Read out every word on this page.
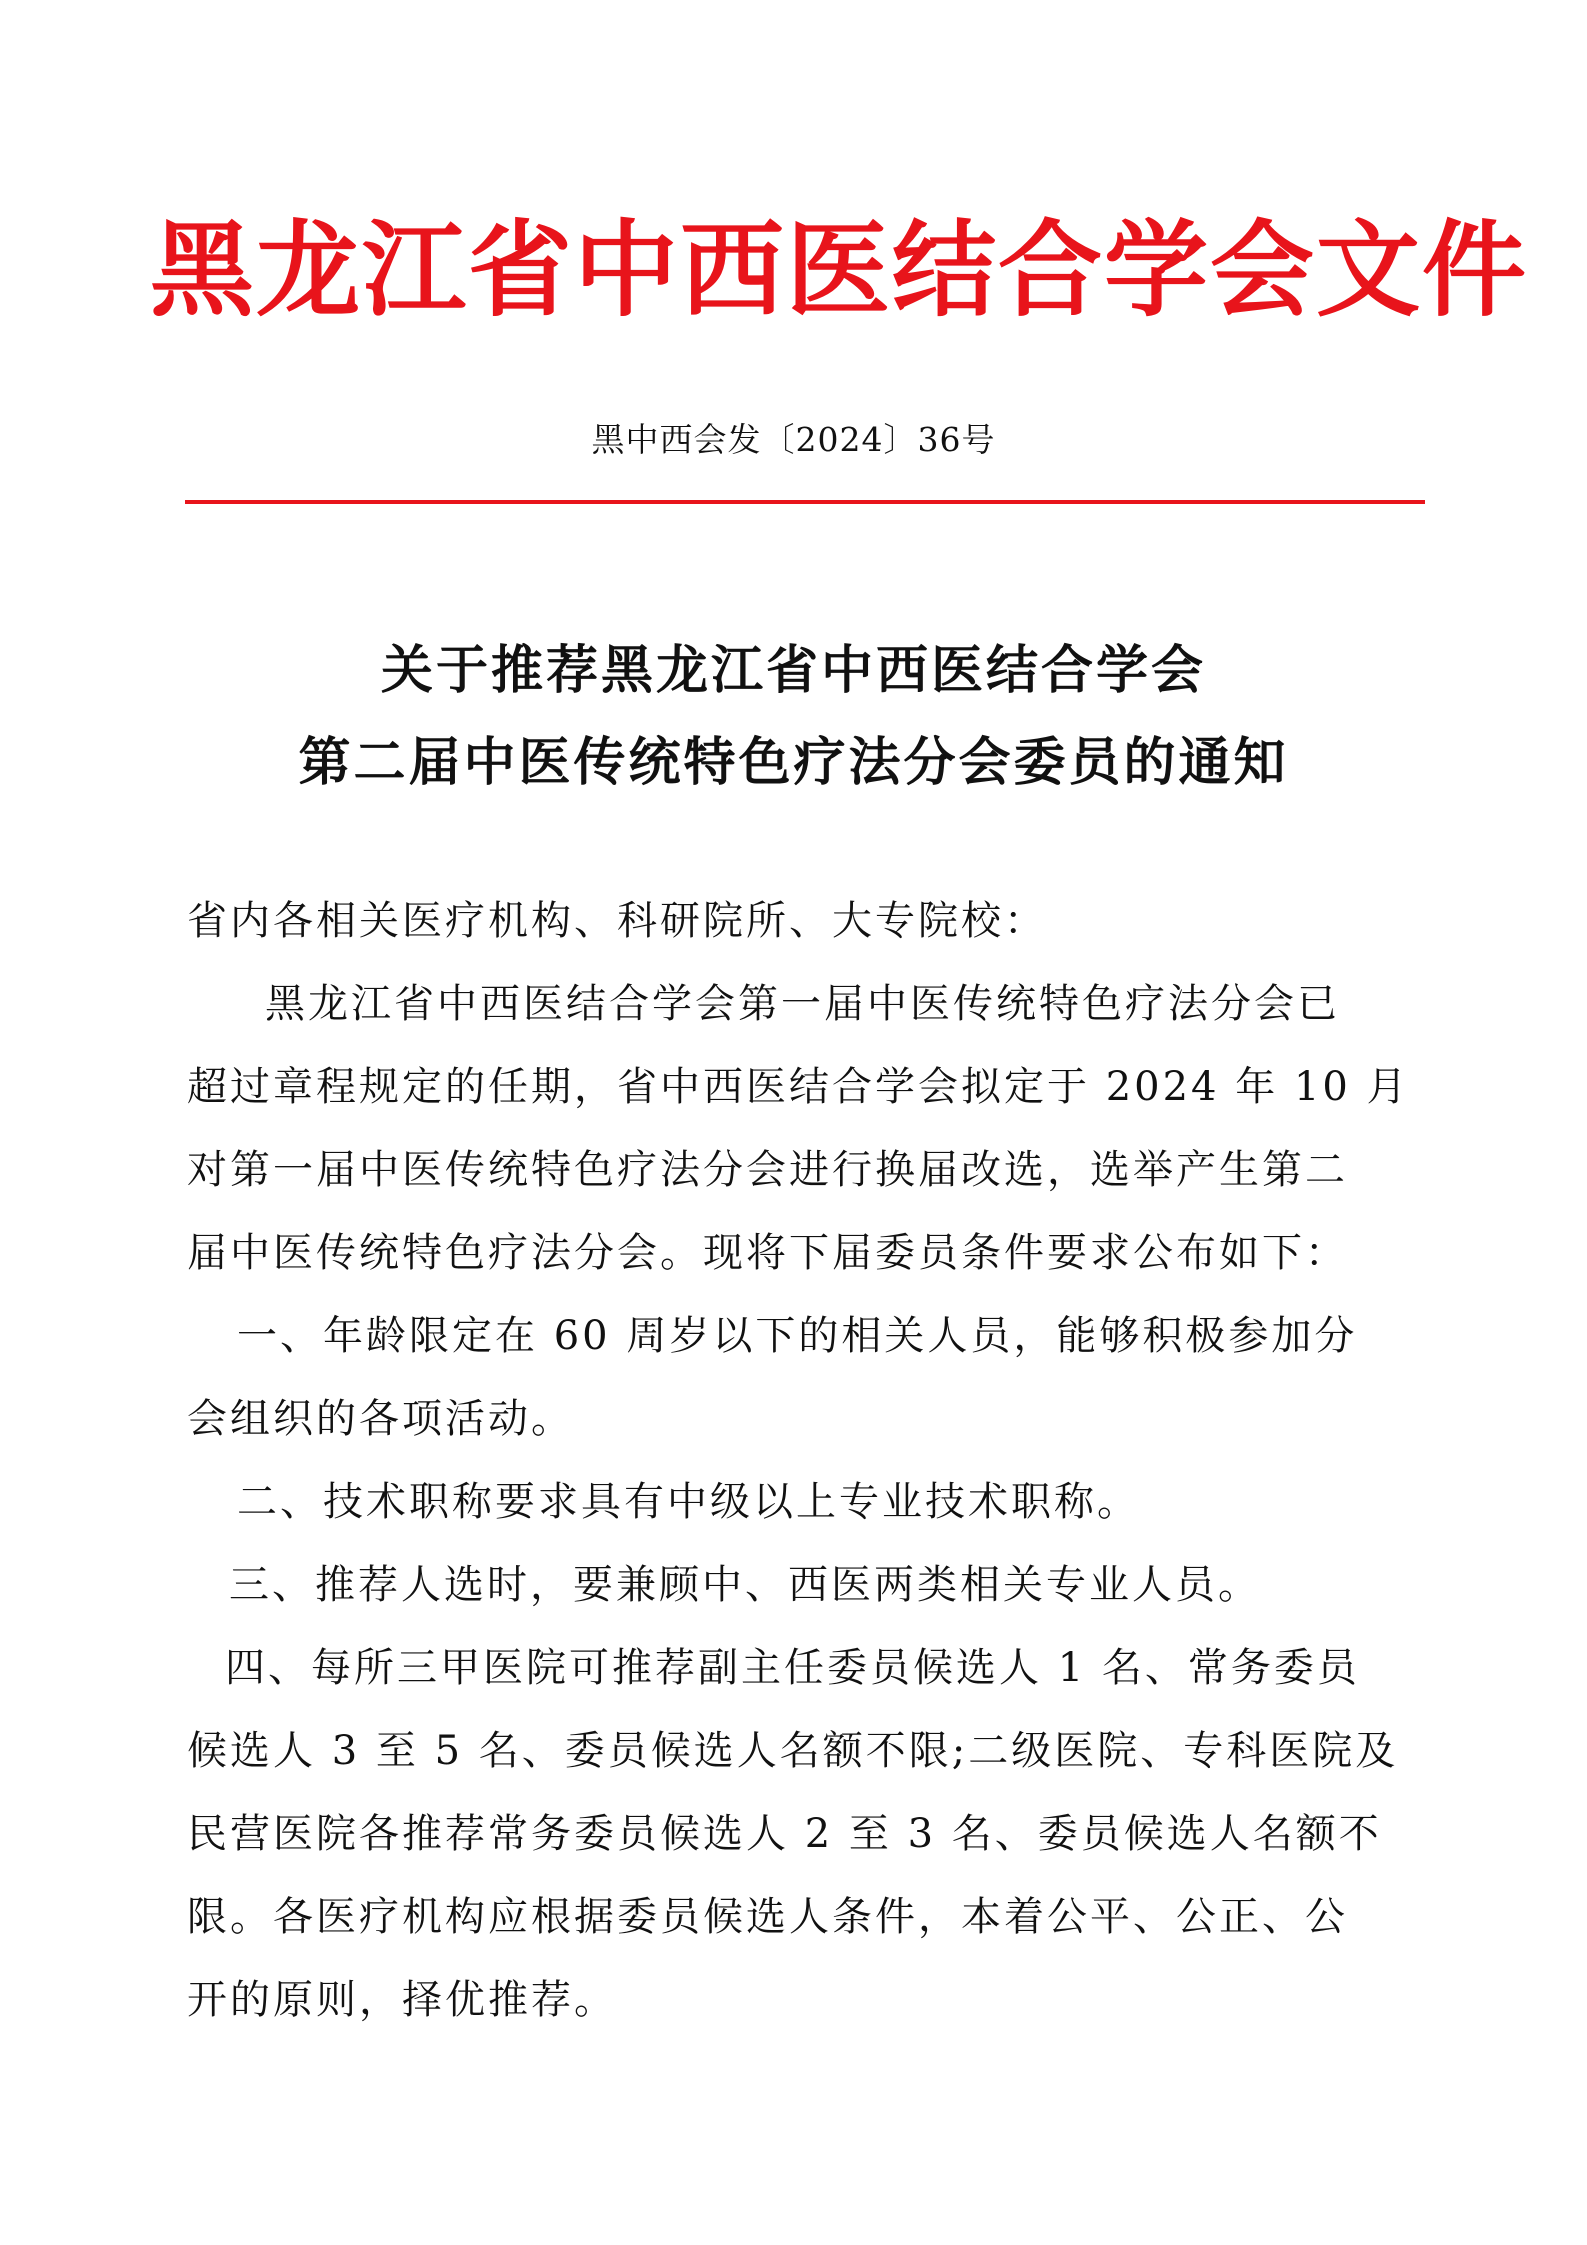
黑龙江省中西医结合学会文件
黑中西会发〔2024〕36号
关于推荐黑龙江省中西医结合学会
第二届中医传统特色疗法分会委员的通知
省内各相关医疗机构、科研院所、大专院校：
黑龙江省中西医结合学会第一届中医传统特色疗法分会已
超过章程规定的任期，省中西医结合学会拟定于 2024 年 10 月
对第一届中医传统特色疗法分会进行换届改选，选举产生第二
届中医传统特色疗法分会。现将下届委员条件要求公布如下：
一、年龄限定在 60 周岁以下的相关人员，能够积极参加分
会组织的各项活动。
二、技术职称要求具有中级以上专业技术职称。
三、推荐人选时，要兼顾中、西医两类相关专业人员。
四、每所三甲医院可推荐副主任委员候选人 1 名、常务委员
候选人 3 至 5 名、委员候选人名额不限;二级医院、专科医院及
民营医院各推荐常务委员候选人 2 至 3 名、委员候选人名额不
限。各医疗机构应根据委员候选人条件，本着公平、公正、公
开的原则，择优推荐。
